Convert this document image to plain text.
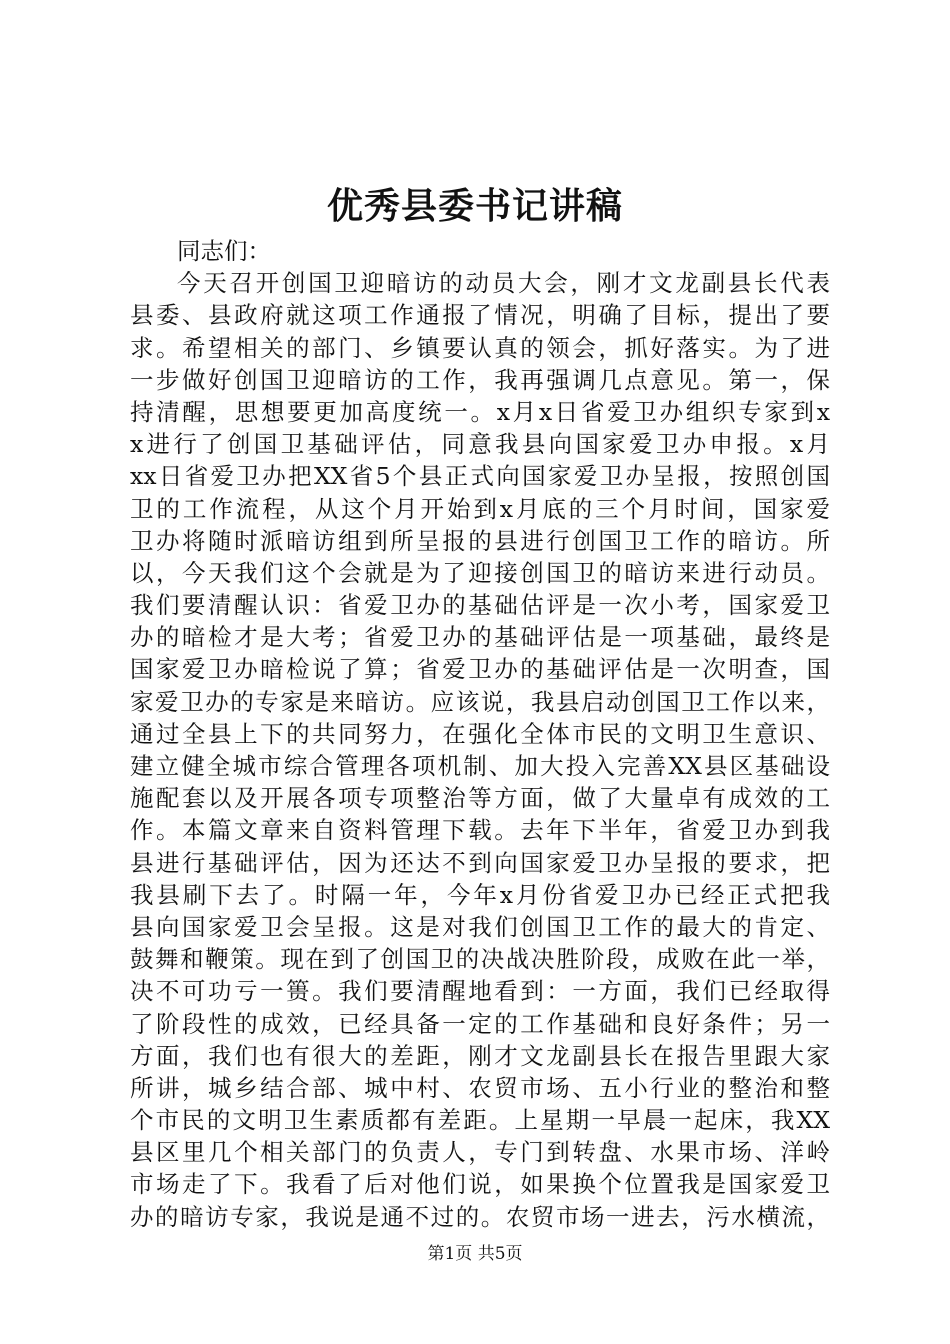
优秀县委书记讲稿
同志们：
今天召开创国卫迎暗访的动员大会，刚才文龙副县长代表
县委、县政府就这项工作通报了情况，明确了目标，提出了要
求。希望相关的部门、乡镇要认真的领会，抓好落实。为了进
一步做好创国卫迎暗访的工作，我再强调几点意见。第一，保
持清醒，思想要更加高度统一。x月x日省爱卫办组织专家到x
x进行了创国卫基础评估，同意我县向国家爱卫办申报。x月
xx日省爱卫办把XX省5个县正式向国家爱卫办呈报，按照创国
卫的工作流程，从这个月开始到x月底的三个月时间，国家爱
卫办将随时派暗访组到所呈报的县进行创国卫工作的暗访。所
以，今天我们这个会就是为了迎接创国卫的暗访来进行动员。
我们要清醒认识：省爱卫办的基础估评是一次小考，国家爱卫
办的暗检才是大考；省爱卫办的基础评估是一项基础，最终是
国家爱卫办暗检说了算；省爱卫办的基础评估是一次明查，国
家爱卫办的专家是来暗访。应该说，我县启动创国卫工作以来，
通过全县上下的共同努力，在强化全体市民的文明卫生意识、
建立健全城市综合管理各项机制、加大投入完善XX县区基础设
施配套以及开展各项专项整治等方面，做了大量卓有成效的工
作。本篇文章来自资料管理下载。去年下半年，省爱卫办到我
县进行基础评估，因为还达不到向国家爱卫办呈报的要求，把
我县刷下去了。时隔一年，今年x月份省爱卫办已经正式把我
县向国家爱卫会呈报。这是对我们创国卫工作的最大的肯定、
鼓舞和鞭策。现在到了创国卫的决战决胜阶段，成败在此一举，
决不可功亏一篑。我们要清醒地看到：一方面，我们已经取得
了阶段性的成效，已经具备一定的工作基础和良好条件；另一
方面，我们也有很大的差距，刚才文龙副县长在报告里跟大家
所讲，城乡结合部、城中村、农贸市场、五小行业的整治和整
个市民的文明卫生素质都有差距。上星期一早晨一起床，我XX
县区里几个相关部门的负责人，专门到转盘、水果市场、洋岭
市场走了下。我看了后对他们说，如果换个位置我是国家爱卫
办的暗访专家，我说是通不过的。农贸市场一进去，污水横流，
第1页 共5页
